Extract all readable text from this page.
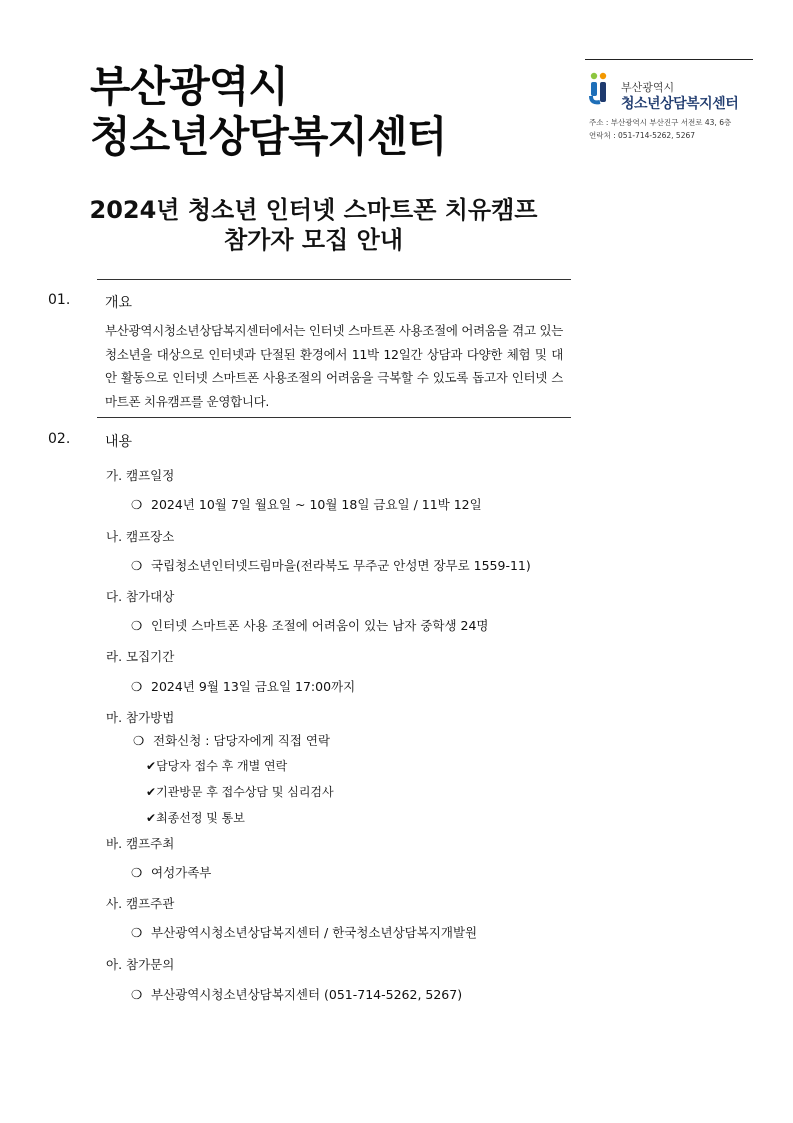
부산광역시
청소년상담복지센터
부산광역시
청소년상담복지센터
주소 : 부산광역시 부산진구 서전로 43, 6층
연락처 : 051-714-5262, 5267
2024년 청소년 인터넷 스마트폰 치유캠프
참가자 모집 안내
01. 개요
부산광역시청소년상담복지센터에서는 인터넷 스마트폰 사용조절에 어려움을 겪고 있는 청소년을 대상으로 인터넷과 단절된 환경에서 11박 12일간 상담과 다양한 체험 및 대안 활동으로 인터넷 스마트폰 사용조절의 어려움을 극복할 수 있도록 돕고자 인터넷 스마트폰 치유캠프를 운영합니다.
02. 내용
가. 캠프일정
❍ 2024년 10월 7일 월요일 ~ 10월 18일 금요일 / 11박 12일
나. 캠프장소
❍ 국립청소년인터넷드림마을(전라북도 무주군 안성면 장무로 1559-11)
다. 참가대상
❍ 인터넷 스마트폰 사용 조절에 어려움이 있는 남자 중학생 24명
라. 모집기간
❍ 2024년 9월 13일 금요일 17:00까지
마. 참가방법
❍ 전화신청 : 담당자에게 직접 연락
✔담당자 접수 후 개별 연락
✔기관방문 후 접수상담 및 심리검사
✔최종선정 및 통보
바. 캠프주최
❍ 여성가족부
사. 캠프주관
❍ 부산광역시청소년상담복지센터 / 한국청소년상담복지개발원
아. 참가문의
❍ 부산광역시청소년상담복지센터 (051-714-5262, 5267)
